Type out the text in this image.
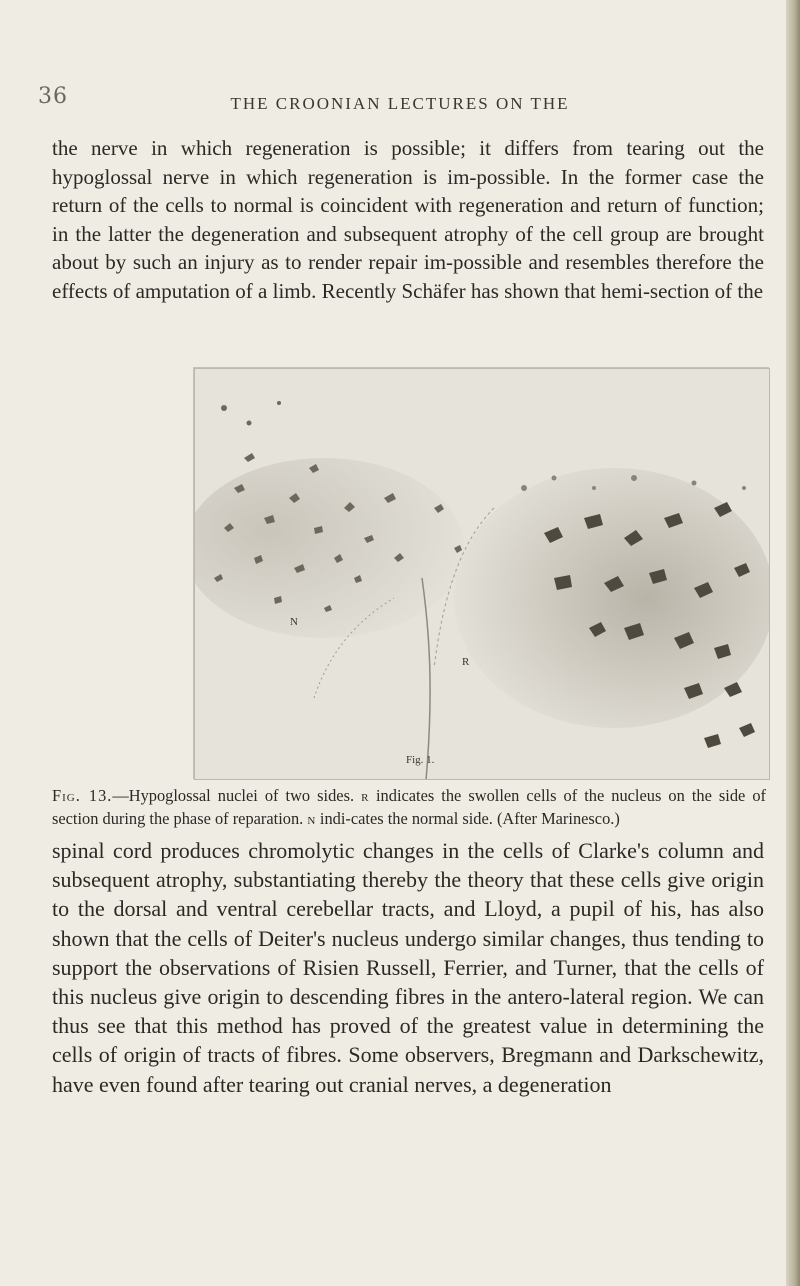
36	THE CROONIAN LECTURES ON THE

the nerve in which regeneration is possible; it differs from tearing out the hypoglossal nerve in which regeneration is im-possible. In the former case the return of the cells to normal is coincident with regeneration and return of function; in the latter the degeneration and subsequent atrophy of the cell group are brought about by such an injury as to render repair im-possible and resembles therefore the effects of amputation of a limb. Recently Schäfer has shown that hemi-section of the

N
R
Fig. 1.

Fig. 13.—Hypoglossal nuclei of two sides. R indicates the swollen cells of the nucleus on the side of section during the phase of reparation. N indi-cates the normal side. (After Marinesco.)

spinal cord produces chromolytic changes in the cells of Clarke's column and subsequent atrophy, substantiating thereby the theory that these cells give origin to the dorsal and ventral cerebellar tracts, and Lloyd, a pupil of his, has also shown that the cells of Deiter's nucleus undergo similar changes, thus tending to support the observations of Risien Russell, Ferrier, and Turner, that the cells of this nucleus give origin to descending fibres in the antero-lateral region. We can thus see that this method has proved of the greatest value in determining the cells of origin of tracts of fibres. Some observers, Bregmann and Darkschewitz, have even found after tearing out cranial nerves, a degeneration
